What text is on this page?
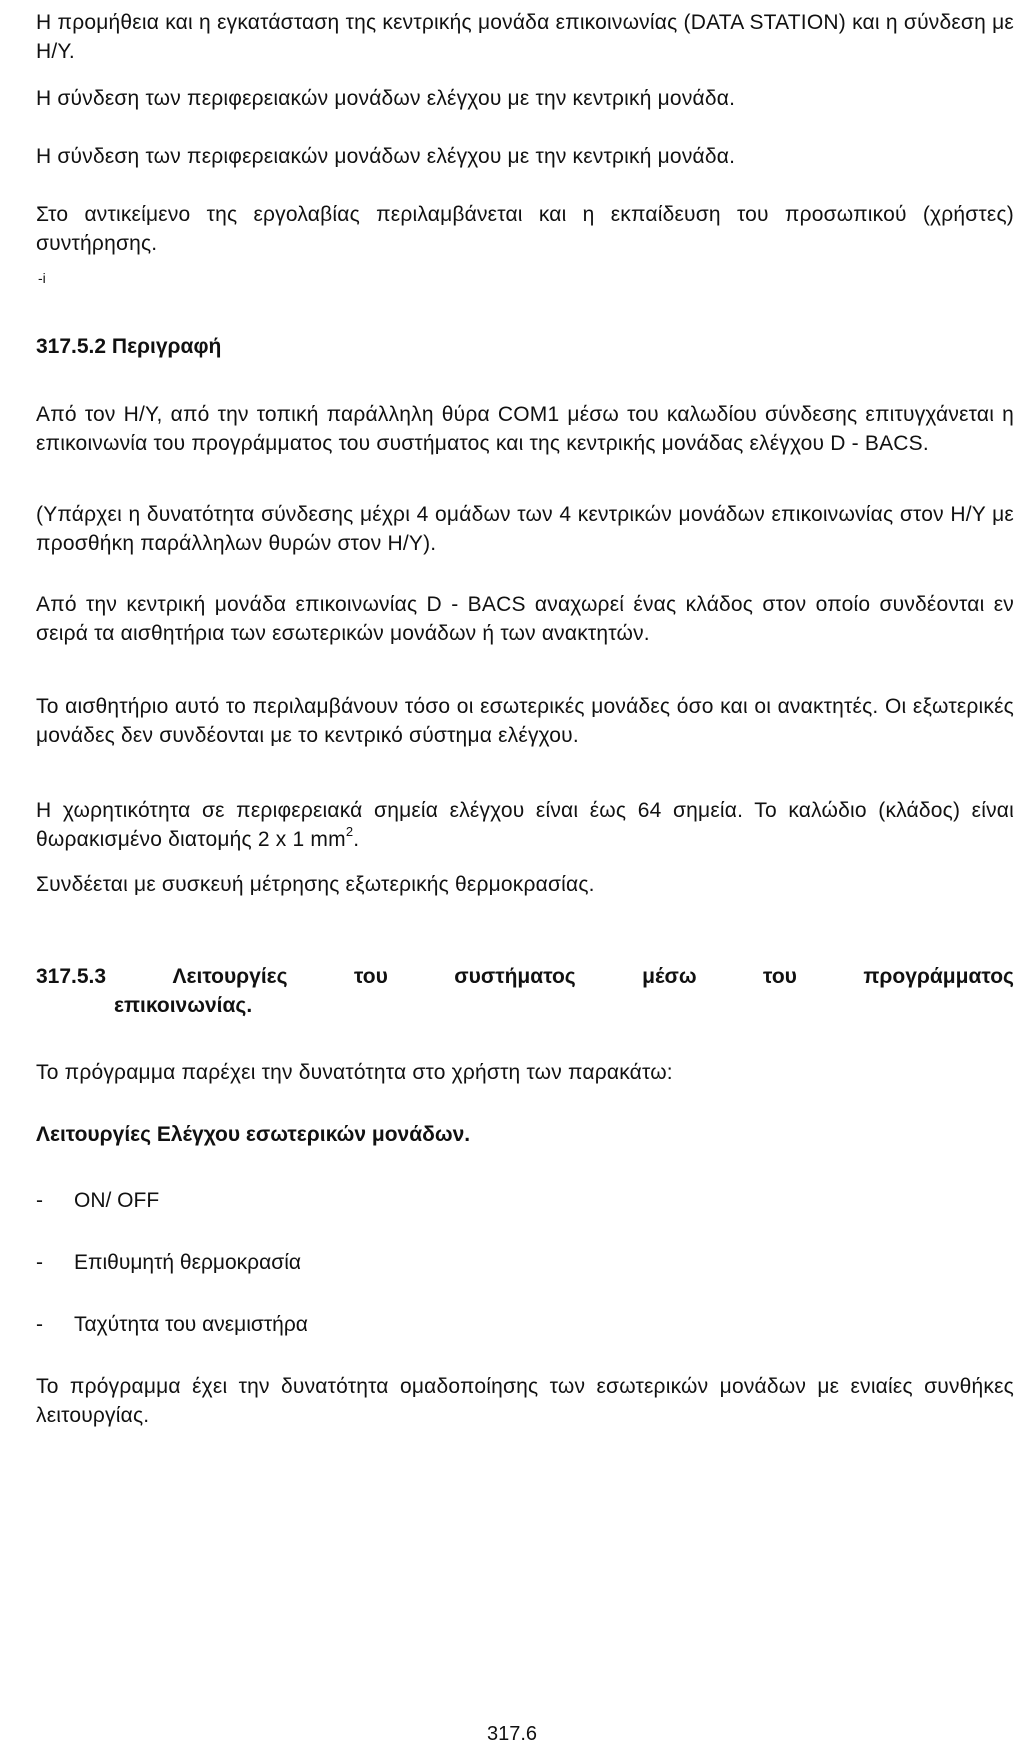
Η προμήθεια και η εγκατάσταση της κεντρικής μονάδα επικοινωνίας (DATA STATION) και η σύνδεση με Η/Υ.

Η σύνδεση των περιφερειακών μονάδων ελέγχου με την κεντρική μονάδα.

Η σύνδεση των περιφερειακών μονάδων ελέγχου με την κεντρική μονάδα.

Στο αντικείμενο της εργολαβίας περιλαμβάνεται και η εκπαίδευση του προσωπικού (χρήστες) συντήρησης.

-i
317.5.2 Περιγραφή

Από τον Η/Υ, από την τοπική παράλληλη θύρα COM1 μέσω του καλωδίου σύνδεσης επιτυγχάνεται η επικοινωνία του προγράμματος του συστήματος και της κεντρικής μονάδας ελέγχου D - BACS.

(Υπάρχει η δυνατότητα σύνδεσης μέχρι 4 ομάδων των 4 κεντρικών μονάδων επικοινωνίας στον Η/Υ με προσθήκη παράλληλων θυρών στον Η/Υ).

Από την κεντρική μονάδα επικοινωνίας D - BACS αναχωρεί ένας κλάδος στον οποίο συνδέονται εν σειρά τα αισθητήρια των εσωτερικών μονάδων ή των ανακτητών.

Το αισθητήριο αυτό το περιλαμβάνουν τόσο οι εσωτερικές μονάδες όσο και οι ανακτητές. Οι εξωτερικές μονάδες δεν συνδέονται με το κεντρικό σύστημα ελέγχου.

Η χωρητικότητα σε περιφερειακά σημεία ελέγχου είναι έως 64 σημεία. Το καλώδιο (κλάδος) είναι θωρακισμένο διατομής 2 x 1 $mm^2$.

Συνδέεται με συσκευή μέτρησης εξωτερικής θερμοκρασίας.

317.5.3	Λειτουργίες	του	συστήματος	μέσω	του	προγράμματος
επικοινωνίας.

Το πρόγραμμα παρέχει την δυνατότητα στο χρήστη των παρακάτω:

Λειτουργίες Ελέγχου εσωτερικών μονάδων.
- ON/ OFF
- Επιθυμητή θερμοκρασία
- Ταχύτητα του ανεμιστήρα

Το πρόγραμμα έχει την δυνατότητα ομαδοποίησης των εσωτερικών μονάδων με ενιαίες συνθήκες λειτουργίας.

317.6
